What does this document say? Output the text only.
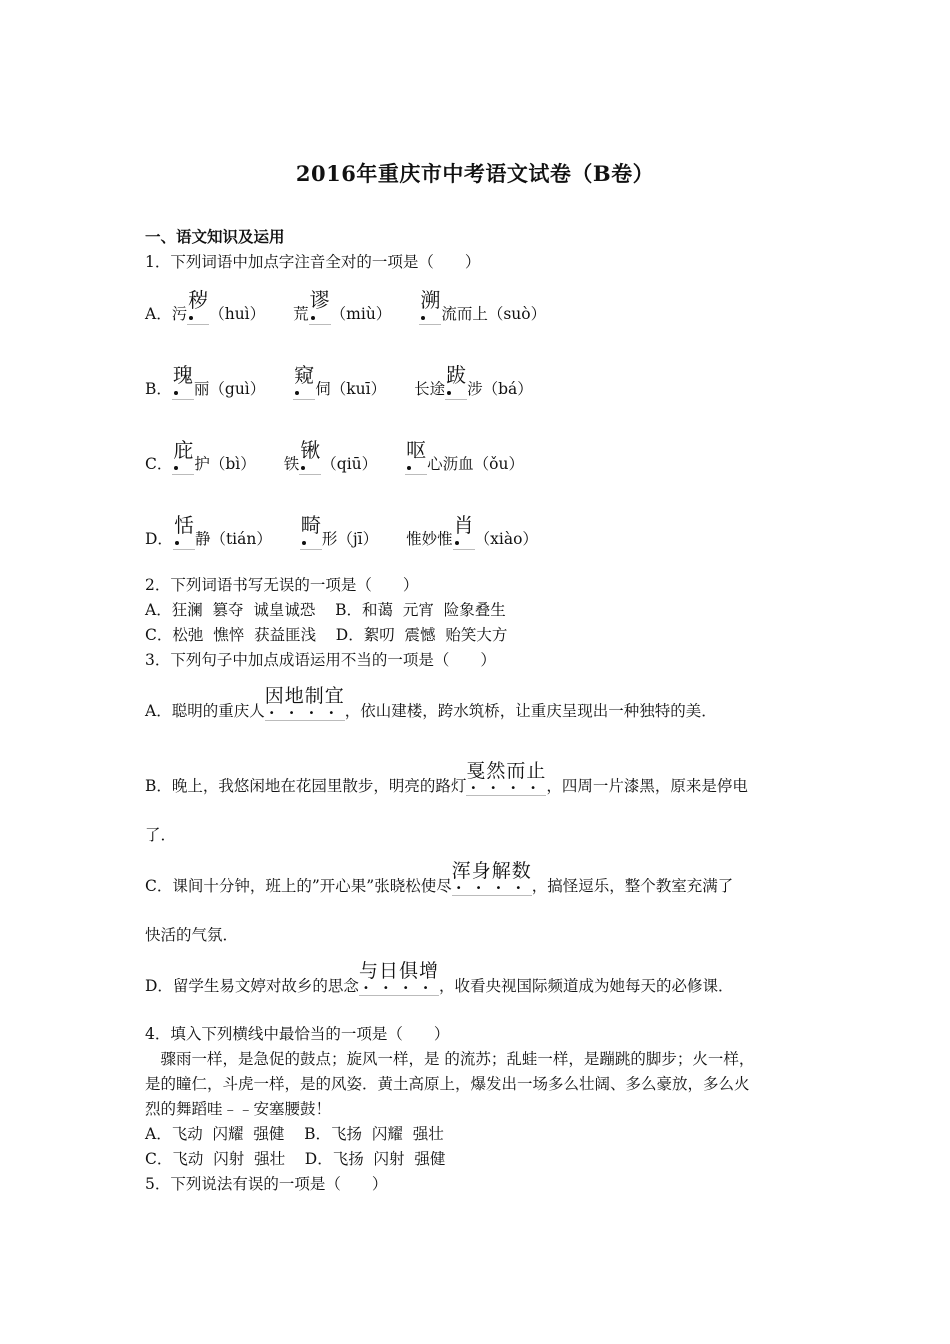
2016年重庆市中考语文试卷（B卷）
一、语文知识及运用
1．下列词语中加点字注音全对的一项是（　　）
A．污秽（huì） 荒谬（miù）溯流而上（suò）
B．瑰丽（guì）窥伺（kuī） 长途跋涉（bá）
C．庇护（bì） 铁锹（qiū）呕心沥血（ǒu）
D．恬静（tián）畸形（jī） 惟妙惟肖（xiào）
2．下列词语书写无误的一项是（　　）
A．狂澜  篡夺  诚皇诚恐    B．和蔼  元宵  险象叠生
C．松弛  憔悴  获益匪浅    D．絮叨  震憾  贻笑大方
3．下列句子中加点成语运用不当的一项是（　　）
A．聪明的重庆人因地制宜
••••
，依山建楼，跨水筑桥，让重庆呈现出一种独特的美．
B．晚上，我悠闲地在花园里散步，明亮的路灯戛然而止
••••
，四周一片漆黑，原来是停电
了．
C．课间十分钟，班上的”开心果”张晓松使尽浑身解数
••••
，搞怪逗乐，整个教室充满了
快活的气氛．
D．留学生易文婷对故乡的思念与日俱增
••••
，收看央视国际频道成为她每天的必修课．
4．填入下列横线中最恰当的一项是（　　）
　骤雨一样，是急促的鼓点；旋风一样，是 的流苏；乱蛙一样，是蹦跳的脚步；火一样，
是的瞳仁，斗虎一样，是的风姿．黄土高原上，爆发出一场多么壮阔、多么豪放，多么火
烈的舞蹈哇﹣﹣安塞腰鼓！
A．飞动  闪耀  强健    B．飞扬  闪耀  强壮
C．飞动  闪射  强壮    D．飞扬  闪射  强健
5．下列说法有误的一项是（　　）
